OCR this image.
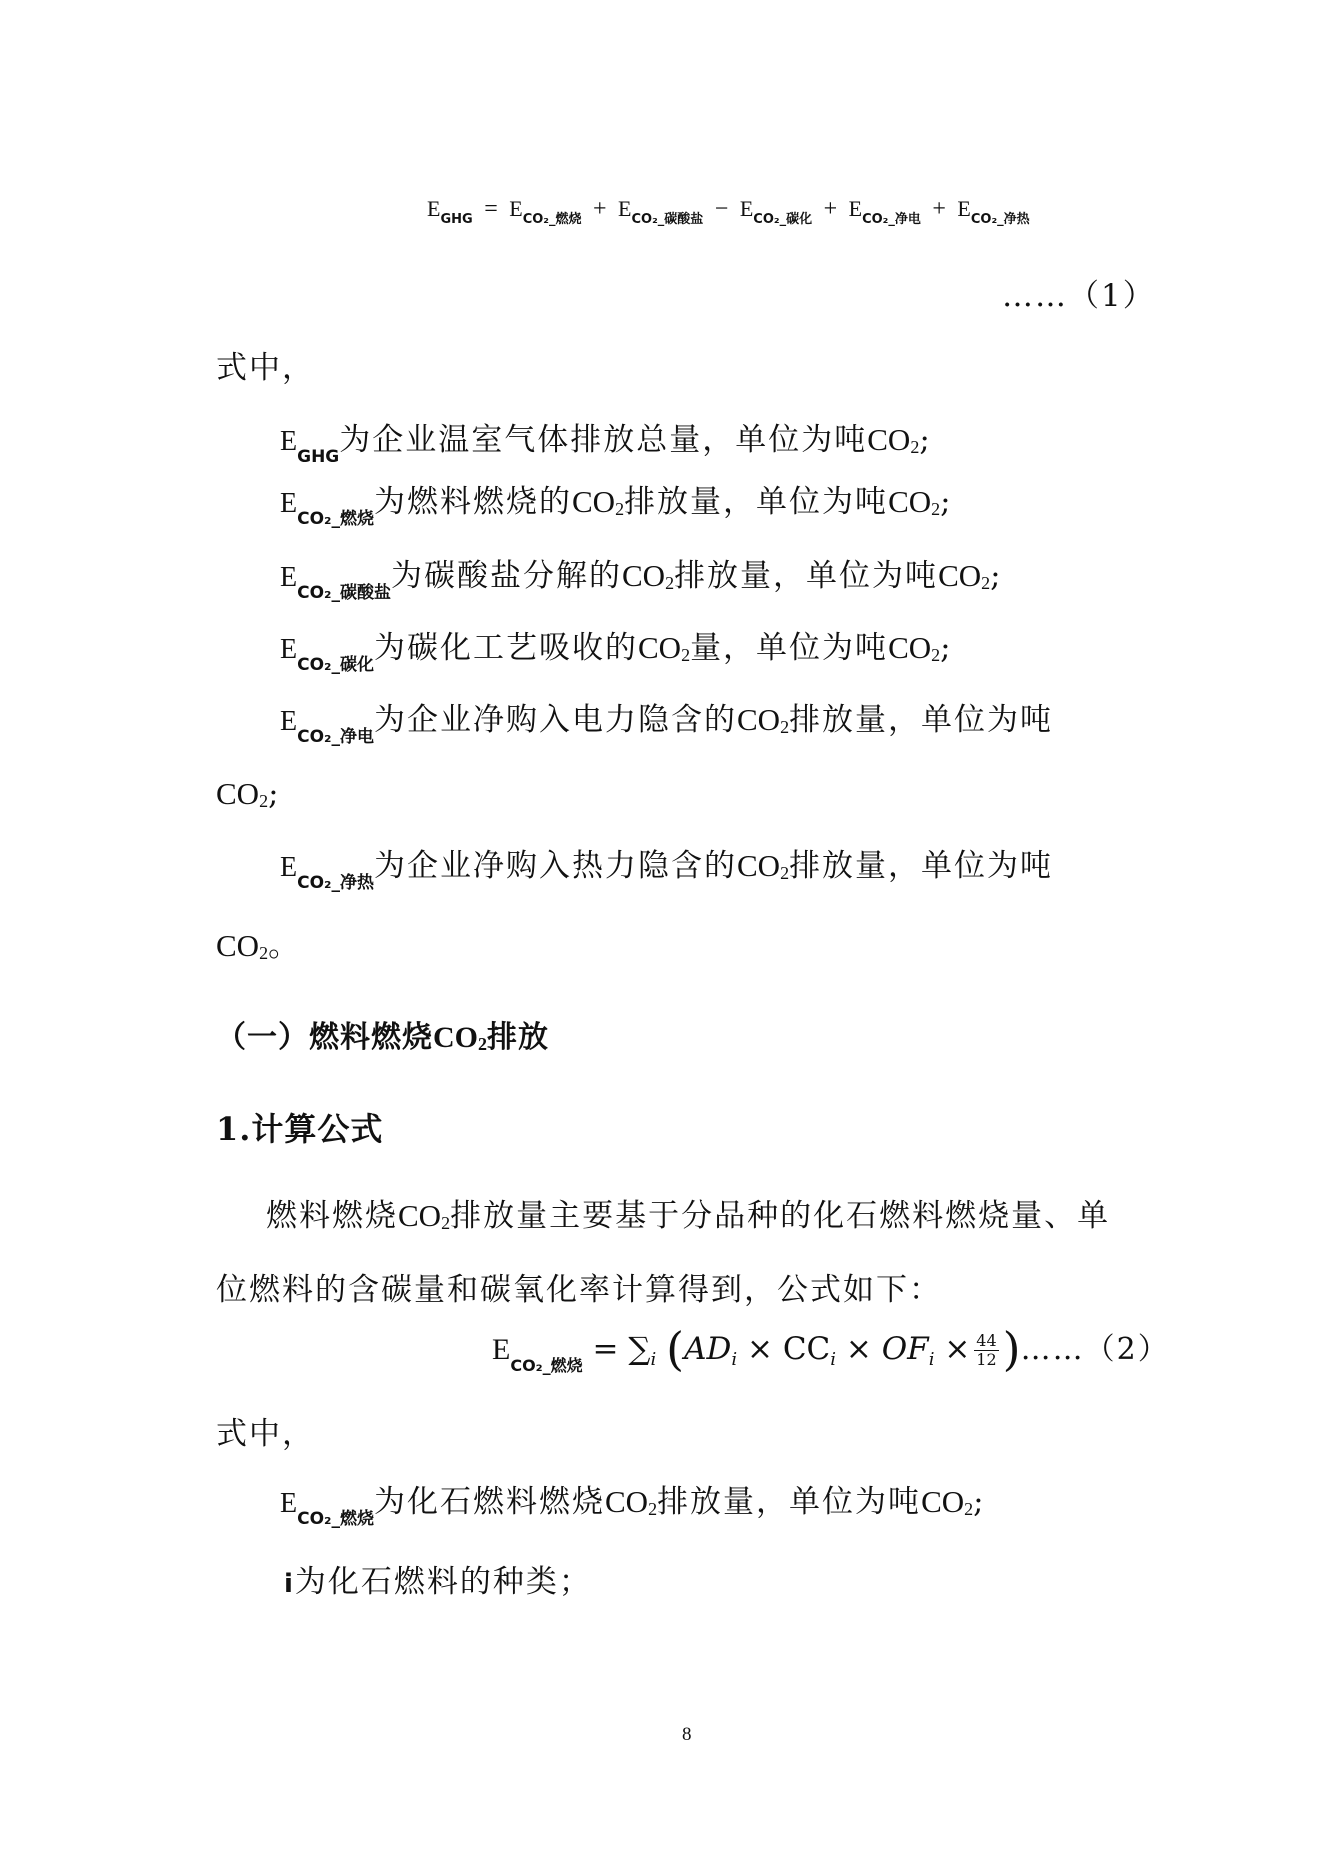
$E_{GHG} = E_{CO_2\_燃烧} + E_{CO_2\_碳酸盐} - E_{CO_2\_碳化} + E_{CO_2\_净电} + E_{CO_2\_净热}$
……（1）
式中，
$E_{GHG}$为企业温室气体排放总量，单位为吨$CO_2$;
$E_{CO_2\_燃烧}$为燃料燃烧的$CO_2$排放量，单位为吨$CO_2$;
$E_{CO_2\_碳酸盐}$为碳酸盐分解的$CO_2$排放量，单位为吨$CO_2$;
$E_{CO_2\_碳化}$为碳化工艺吸收的$CO_2$量，单位为吨$CO_2$;
$E_{CO_2\_净电}$为企业净购入电力隐含的$CO_2$排放量，单位为吨
$CO_2$;
$E_{CO_2\_净热}$为企业净购入热力隐含的$CO_2$排放量，单位为吨
$CO_2$。
（一）燃料燃烧$CO_2$排放
1.计算公式
燃料燃烧$CO_2$排放量主要基于分品种的化石燃料燃烧量、单
位燃料的含碳量和碳氧化率计算得到，公式如下：
$E_{CO_2\_燃烧} = \sum i$ (ADi × CCi × OFi × $\frac{44}{12}$ )……（2）
式中，
$E_{CO_2\_燃烧}$为化石燃料燃烧$CO_2$排放量，单位为吨$CO_2$;
i为化石燃料的种类；
8
